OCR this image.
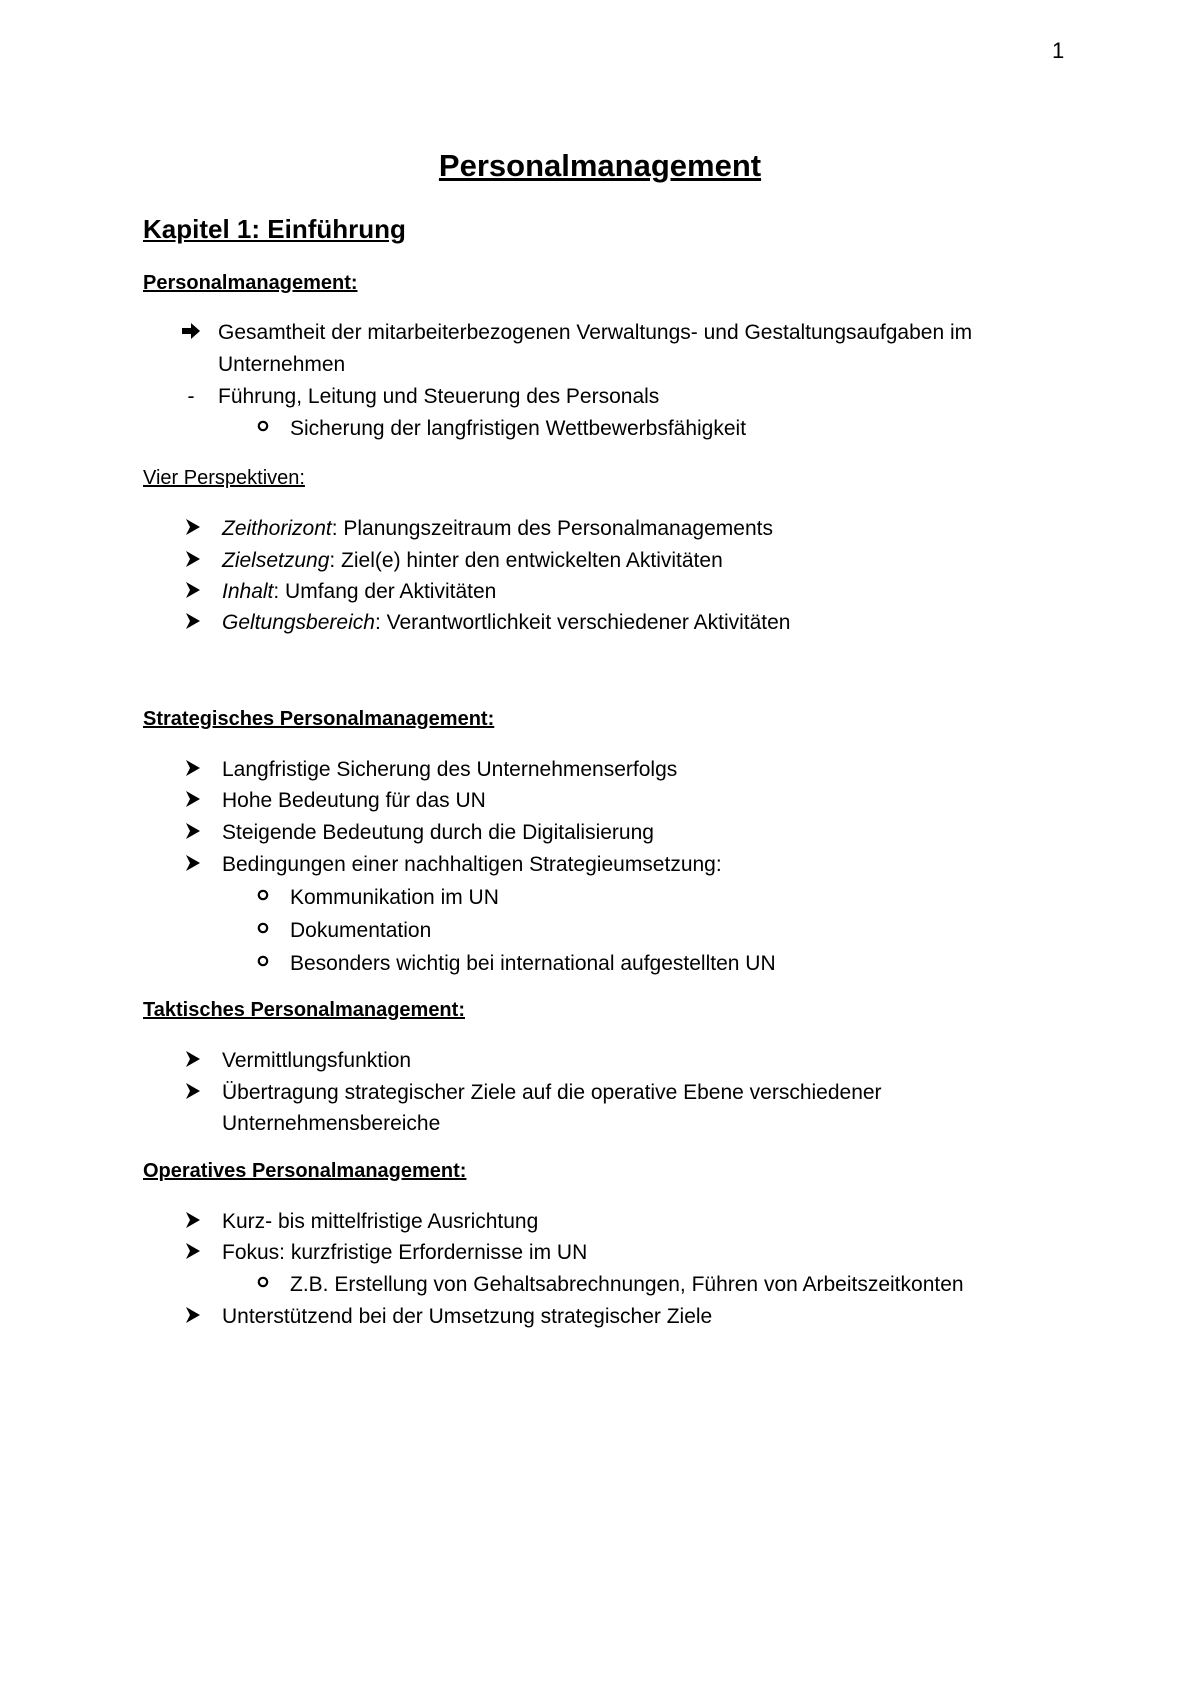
1
Personalmanagement
Kapitel 1: Einführung
Personalmanagement:
Gesamtheit der mitarbeiterbezogenen Verwaltungs- und Gestaltungsaufgaben im
Unternehmen
-	Führung, Leitung und Steuerung des Personals
Sicherung der langfristigen Wettbewerbsfähigkeit
Vier Perspektiven:
Zeithorizont: Planungszeitraum des Personalmanagements
Zielsetzung: Ziel(e) hinter den entwickelten Aktivitäten
Inhalt: Umfang der Aktivitäten
Geltungsbereich: Verantwortlichkeit verschiedener Aktivitäten
Strategisches Personalmanagement:
Langfristige Sicherung des Unternehmenserfolgs
Hohe Bedeutung für das UN
Steigende Bedeutung durch die Digitalisierung
Bedingungen einer nachhaltigen Strategieumsetzung:
Kommunikation im UN
Dokumentation
Besonders wichtig bei international aufgestellten UN
Taktisches Personalmanagement:
Vermittlungsfunktion
Übertragung strategischer Ziele auf die operative Ebene verschiedener
Unternehmensbereiche
Operatives Personalmanagement:
Kurz- bis mittelfristige Ausrichtung
Fokus: kurzfristige Erfordernisse im UN
Z.B. Erstellung von Gehaltsabrechnungen, Führen von Arbeitszeitkonten
Unterstützend bei der Umsetzung strategischer Ziele
